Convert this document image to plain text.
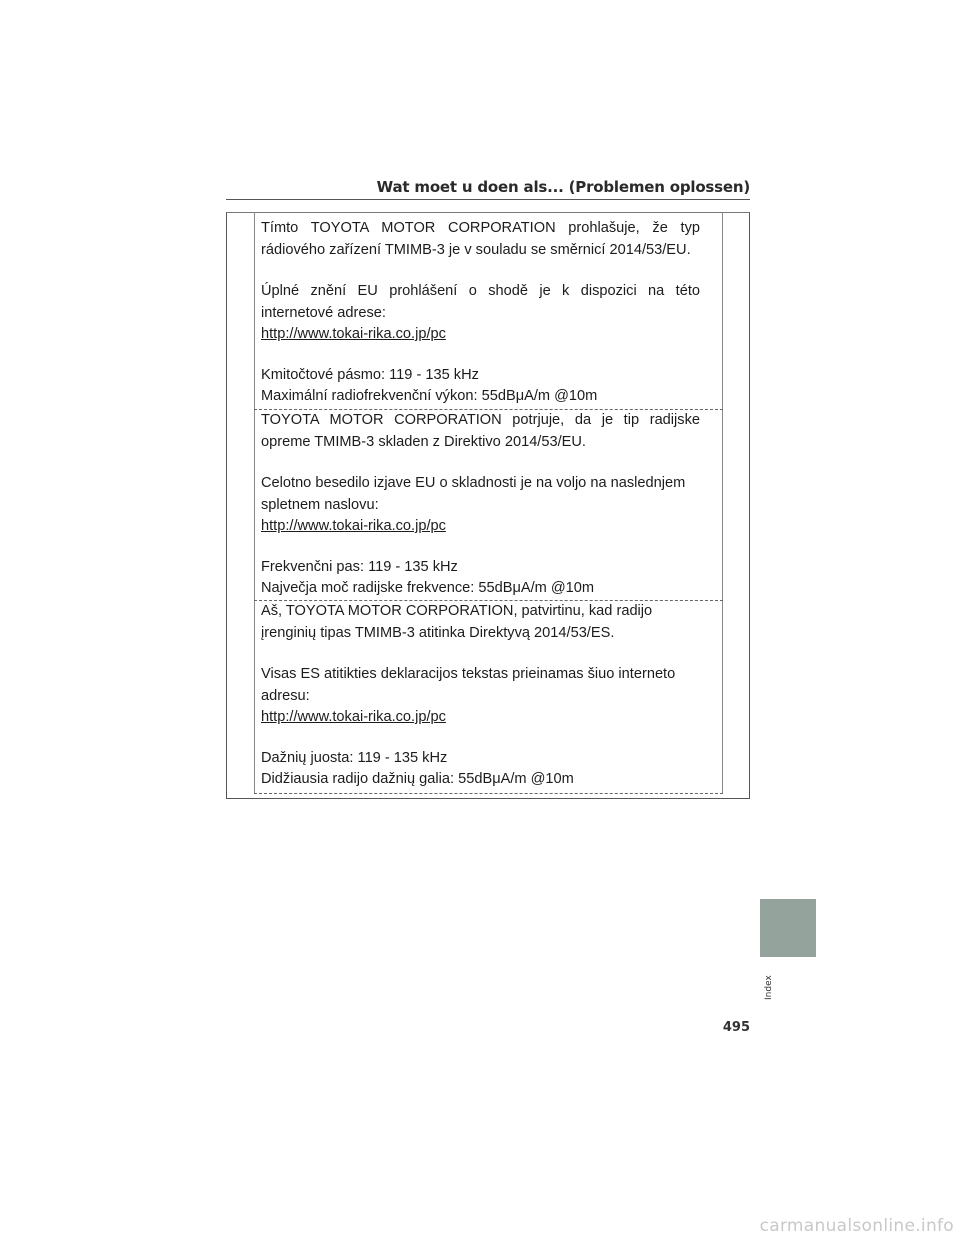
Wat moet u doen als... (Problemen oplossen)

Tímto TOYOTA MOTOR CORPORATION prohlašuje, že typ rádiového zařízení TMIMB-3 je v souladu se směrnicí 2014/53/EU.

Úplné znění EU prohlášení o shodě je k dispozici na této internetové adrese:
http://www.tokai-rika.co.jp/pc

Kmitočtové pásmo: 119 - 135 kHz
Maximální radiofrekvenční výkon: 55dBμA/m @10m

TOYOTA MOTOR CORPORATION potrjuje, da je tip radijske opreme TMIMB-3 skladen z Direktivo 2014/53/EU.

Celotno besedilo izjave EU o skladnosti je na voljo na naslednjem spletnem naslovu:
http://www.tokai-rika.co.jp/pc

Frekvenčni pas: 119 - 135 kHz
Največja moč radijske frekvence: 55dBμA/m @10m

Aš, TOYOTA MOTOR CORPORATION, patvirtinu, kad radijo įrenginių tipas TMIMB-3 atitinka Direktyvą 2014/53/ES.

Visas ES atitikties deklaracijos tekstas prieinamas šiuo interneto adresu:
http://www.tokai-rika.co.jp/pc

Dažnių juosta: 119 - 135 kHz
Didžiausia radijo dažnių galia: 55dBμA/m @10m

Index
495
carmanualsonline.info
